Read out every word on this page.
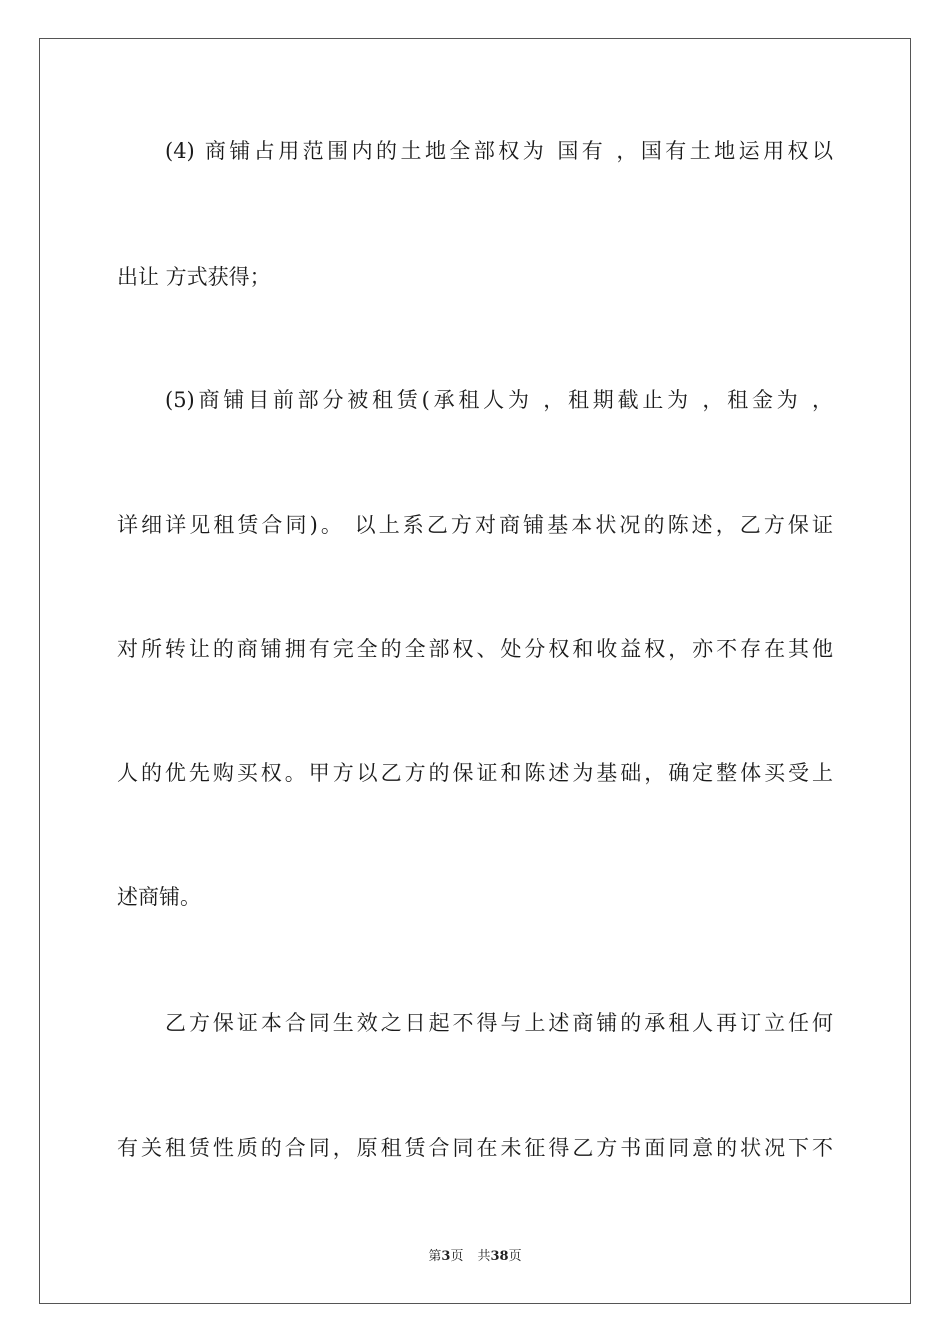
(4) 商铺占用范围内的土地全部权为 国有 ，国有土地运用权以
出让 方式获得；
(5)商铺目前部分被租赁(承租人为 ，租期截止为 ，租金为 ，
详细详见租赁合同)。 以上系乙方对商铺基本状况的陈述，乙方保证
对所转让的商铺拥有完全的全部权、处分权和收益权，亦不存在其他
人的优先购买权。甲方以乙方的保证和陈述为基础，确定整体买受上
述商铺。
乙方保证本合同生效之日起不得与上述商铺的承租人再订立任何
有关租赁性质的合同，原租赁合同在未征得乙方书面同意的状况下不
第3页 共38页
